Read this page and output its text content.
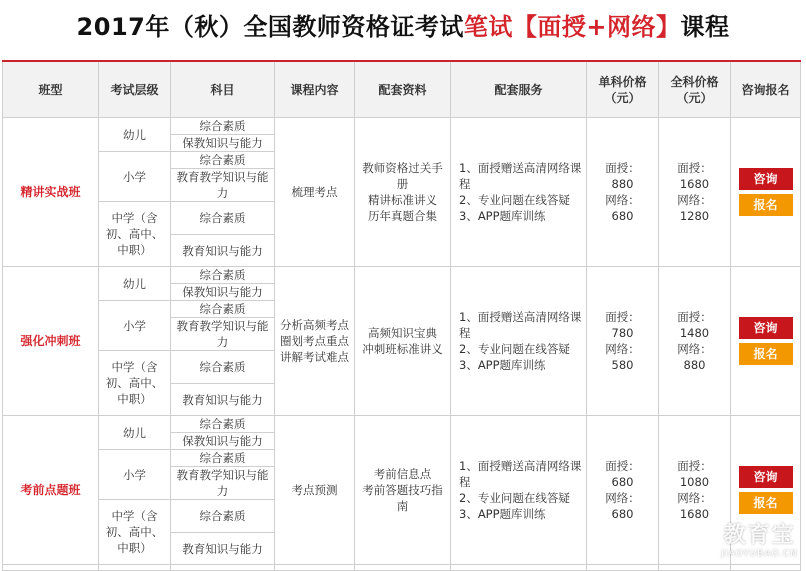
2017年（秋）全国教师资格证考试笔试【面授+网络】课程
班型	考试层级	科目	课程内容	配套资料	配套服务	单科价格（元）	全科价格（元）	咨询报名
精讲实战班	幼儿	综合素质	梳理考点	教师资格过关手册
精讲标准讲义
历年真题合集	1、面授赠送高清网络课程
2、专业问题在线答疑
3、APP题库训练	面授：
880
网络：
680	面授：
1680
网络：
1280	咨询
报名

		保教知识与能力						
	小学	综合素质						
		教育教学知识与能力						
	中学（含初、高中、中职）	综合素质						
		教育知识与能力						
强化冲刺班	幼儿	综合素质	分析高频考点
圈划考点重点
讲解考试难点	高频知识宝典
冲刺班标准讲义	1、面授赠送高清网络课程
2、专业问题在线答疑
3、APP题库训练	面授：
780
网络：
580	面授：
1480
网络：
880	咨询
报名

		保教知识与能力						
	小学	综合素质						
		教育教学知识与能力						
	中学（含初、高中、中职）	综合素质						
		教育知识与能力						
考前点题班	幼儿	综合素质	考点预测	考前信息点
考前答题技巧指南	1、面授赠送高清网络课程
2、专业问题在线答疑
3、APP题库训练	面授：
680
网络：
680	面授：
1080
网络：
1680	咨询
报名

		保教知识与能力						
	小学	综合素质						
		教育教学知识与能力						
	中学（含初、高中、中职）	综合素质						
		教育知识与能力						

教育宝
JIAOYUBAO.CN
